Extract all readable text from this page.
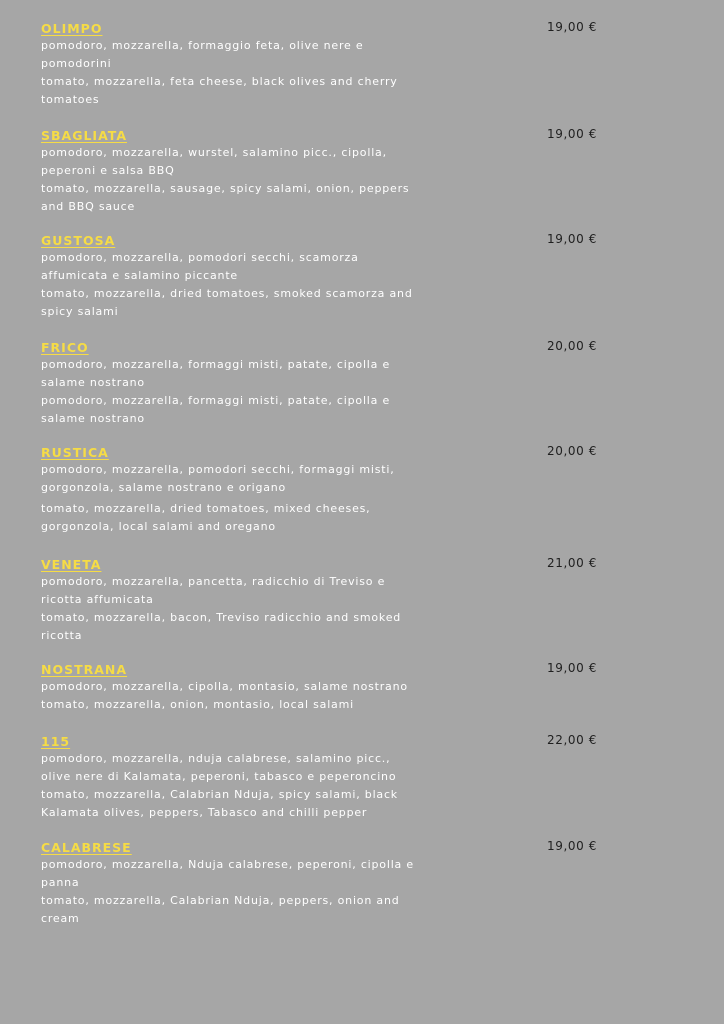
OLIMPO	19,00 €
pomodoro, mozzarella, formaggio feta, olive nere e pomodorini
tomato, mozzarella, feta cheese, black olives and cherry tomatoes
SBAGLIATA	19,00 €
pomodoro, mozzarella, wurstel, salamino picc., cipolla, peperoni e salsa BBQ
tomato, mozzarella, sausage, spicy salami, onion, peppers and BBQ sauce
GUSTOSA	19,00 €
pomodoro, mozzarella, pomodori secchi, scamorza affumicata e salamino piccante
tomato, mozzarella, dried tomatoes, smoked scamorza and spicy salami
FRICO	20,00 €
pomodoro, mozzarella, formaggi misti, patate, cipolla e salame nostrano
pomodoro, mozzarella, formaggi misti, patate, cipolla e salame nostrano
RUSTICA	20,00 €
pomodoro, mozzarella, pomodori secchi, formaggi misti, gorgonzola, salame nostrano e origano
tomato, mozzarella, dried tomatoes, mixed cheeses, gorgonzola, local salami and oregano
VENETA	21,00 €
pomodoro, mozzarella, pancetta, radicchio di Treviso e ricotta affumicata
tomato, mozzarella, bacon, Treviso radicchio and smoked ricotta
NOSTRANA	19,00 €
pomodoro, mozzarella, cipolla, montasio, salame nostrano
tomato, mozzarella, onion, montasio, local salami
115	22,00 €
pomodoro, mozzarella, nduja calabrese, salamino picc., olive nere di Kalamata, peperoni, tabasco e peperoncino
tomato, mozzarella, Calabrian Nduja, spicy salami, black Kalamata olives, peppers, Tabasco and chilli pepper
CALABRESE	19,00 €
pomodoro, mozzarella, Nduja calabrese, peperoni, cipolla e panna
tomato, mozzarella, Calabrian Nduja, peppers, onion and cream
